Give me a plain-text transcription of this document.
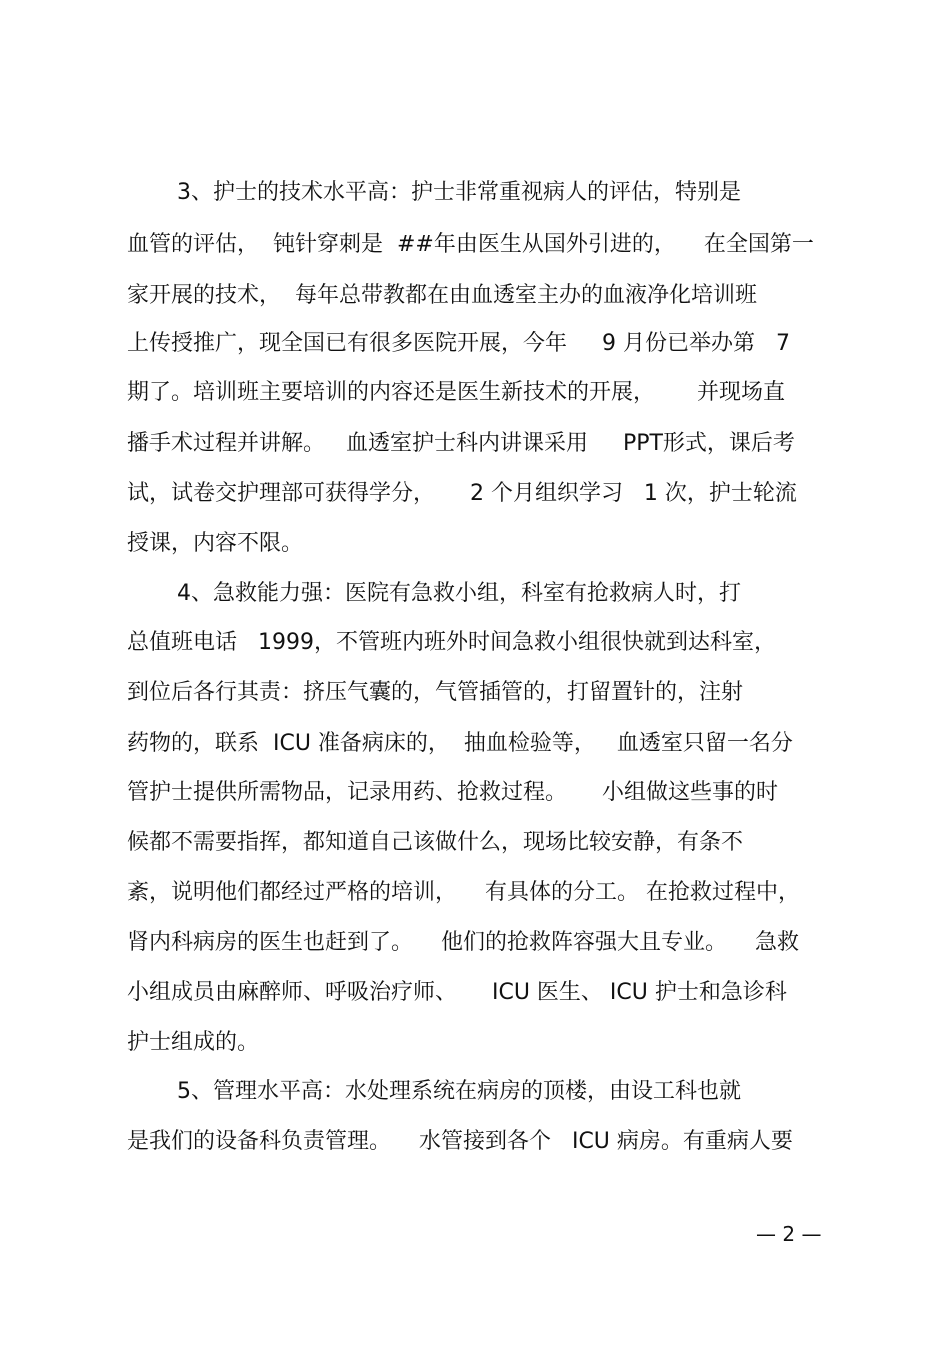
3、护士的技术水平高：护士非常重视病人的评估，特别是
血管的评估，  钝针穿刺是  ##年由医生从国外引进的，    在全国第一
家开展的技术，  每年总带教都在由血透室主办的血液净化培训班
上传授推广，现全国已有很多医院开展，今年     9 月份已举办第   7
期了。培训班主要培训的内容还是医生新技术的开展，      并现场直
播手术过程并讲解。   血透室护士科内讲课采用     PPT形式，课后考
试，试卷交护理部可获得学分，     2 个月组织学习   1 次，护士轮流
授课，内容不限。
4、急救能力强：医院有急救小组，科室有抢救病人时，打
总值班电话   1999，不管班内班外时间急救小组很快就到达科室，
到位后各行其责：挤压气囊的，气管插管的，打留置针的，注射
药物的，联系  ICU 准备病床的，  抽血检验等，   血透室只留一名分
管护士提供所需物品，记录用药、抢救过程。     小组做这些事的时
候都不需要指挥，都知道自己该做什么，现场比较安静，有条不
紊，说明他们都经过严格的培训，    有具体的分工。 在抢救过程中，
肾内科病房的医生也赶到了。    他们的抢救阵容强大且专业。    急救
小组成员由麻醉师、呼吸治疗师、     ICU 医生、 ICU 护士和急诊科
护士组成的。
5、管理水平高：水处理系统在病房的顶楼，由设工科也就
是我们的设备科负责管理。    水管接到各个   ICU 病房。有重病人要
— 2 —
